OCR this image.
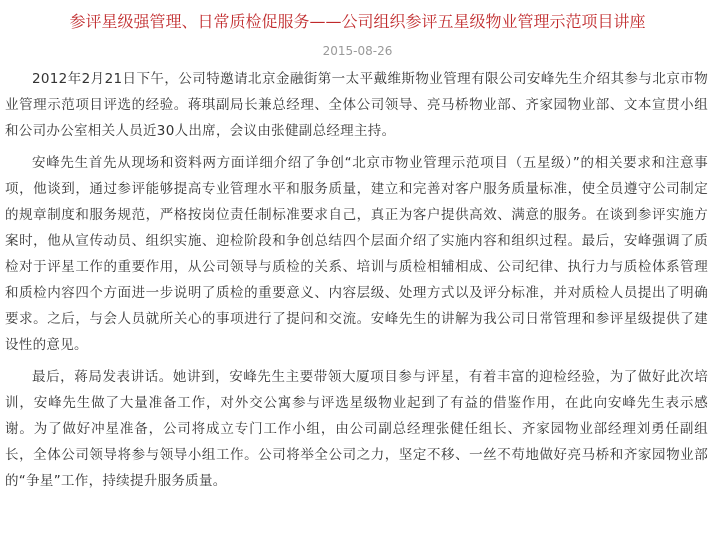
参评星级强管理、日常质检促服务——公司组织参评五星级物业管理示范项目讲座
2015-08-26

2012年2月21日下午，公司特邀请北京金融街第一太平戴维斯物业管理有限公司安峰先生介绍其参与北京市物业管理示范项目评选的经验。蒋琪副局长兼总经理、全体公司领导、亮马桥物业部、齐家园物业部、文本宣贯小组和公司办公室相关人员近30人出席，会议由张健副总经理主持。

安峰先生首先从现场和资料两方面详细介绍了争创“北京市物业管理示范项目（五星级）”的相关要求和注意事项，他谈到，通过参评能够提高专业管理水平和服务质量，建立和完善对客户服务质量标准，使全员遵守公司制定的规章制度和服务规范，严格按岗位责任制标准要求自己，真正为客户提供高效、满意的服务。在谈到参评实施方案时，他从宣传动员、组织实施、迎检阶段和争创总结四个层面介绍了实施内容和组织过程。最后，安峰强调了质检对于评星工作的重要作用，从公司领导与质检的关系、培训与质检相辅相成、公司纪律、执行力与质检体系管理和质检内容四个方面进一步说明了质检的重要意义、内容层级、处理方式以及评分标准，并对质检人员提出了明确要求。之后，与会人员就所关心的事项进行了提问和交流。安峰先生的讲解为我公司日常管理和参评星级提供了建设性的意见。

最后，蒋局发表讲话。她讲到，安峰先生主要带领大厦项目参与评星，有着丰富的迎检经验，为了做好此次培训，安峰先生做了大量准备工作，对外交公寓参与评选星级物业起到了有益的借鉴作用，在此向安峰先生表示感谢。为了做好冲星准备，公司将成立专门工作小组，由公司副总经理张健任组长、齐家园物业部经理刘勇任副组长，全体公司领导将参与领导小组工作。公司将举全公司之力，坚定不移、一丝不苟地做好亮马桥和齐家园物业部的“争星”工作，持续提升服务质量。
